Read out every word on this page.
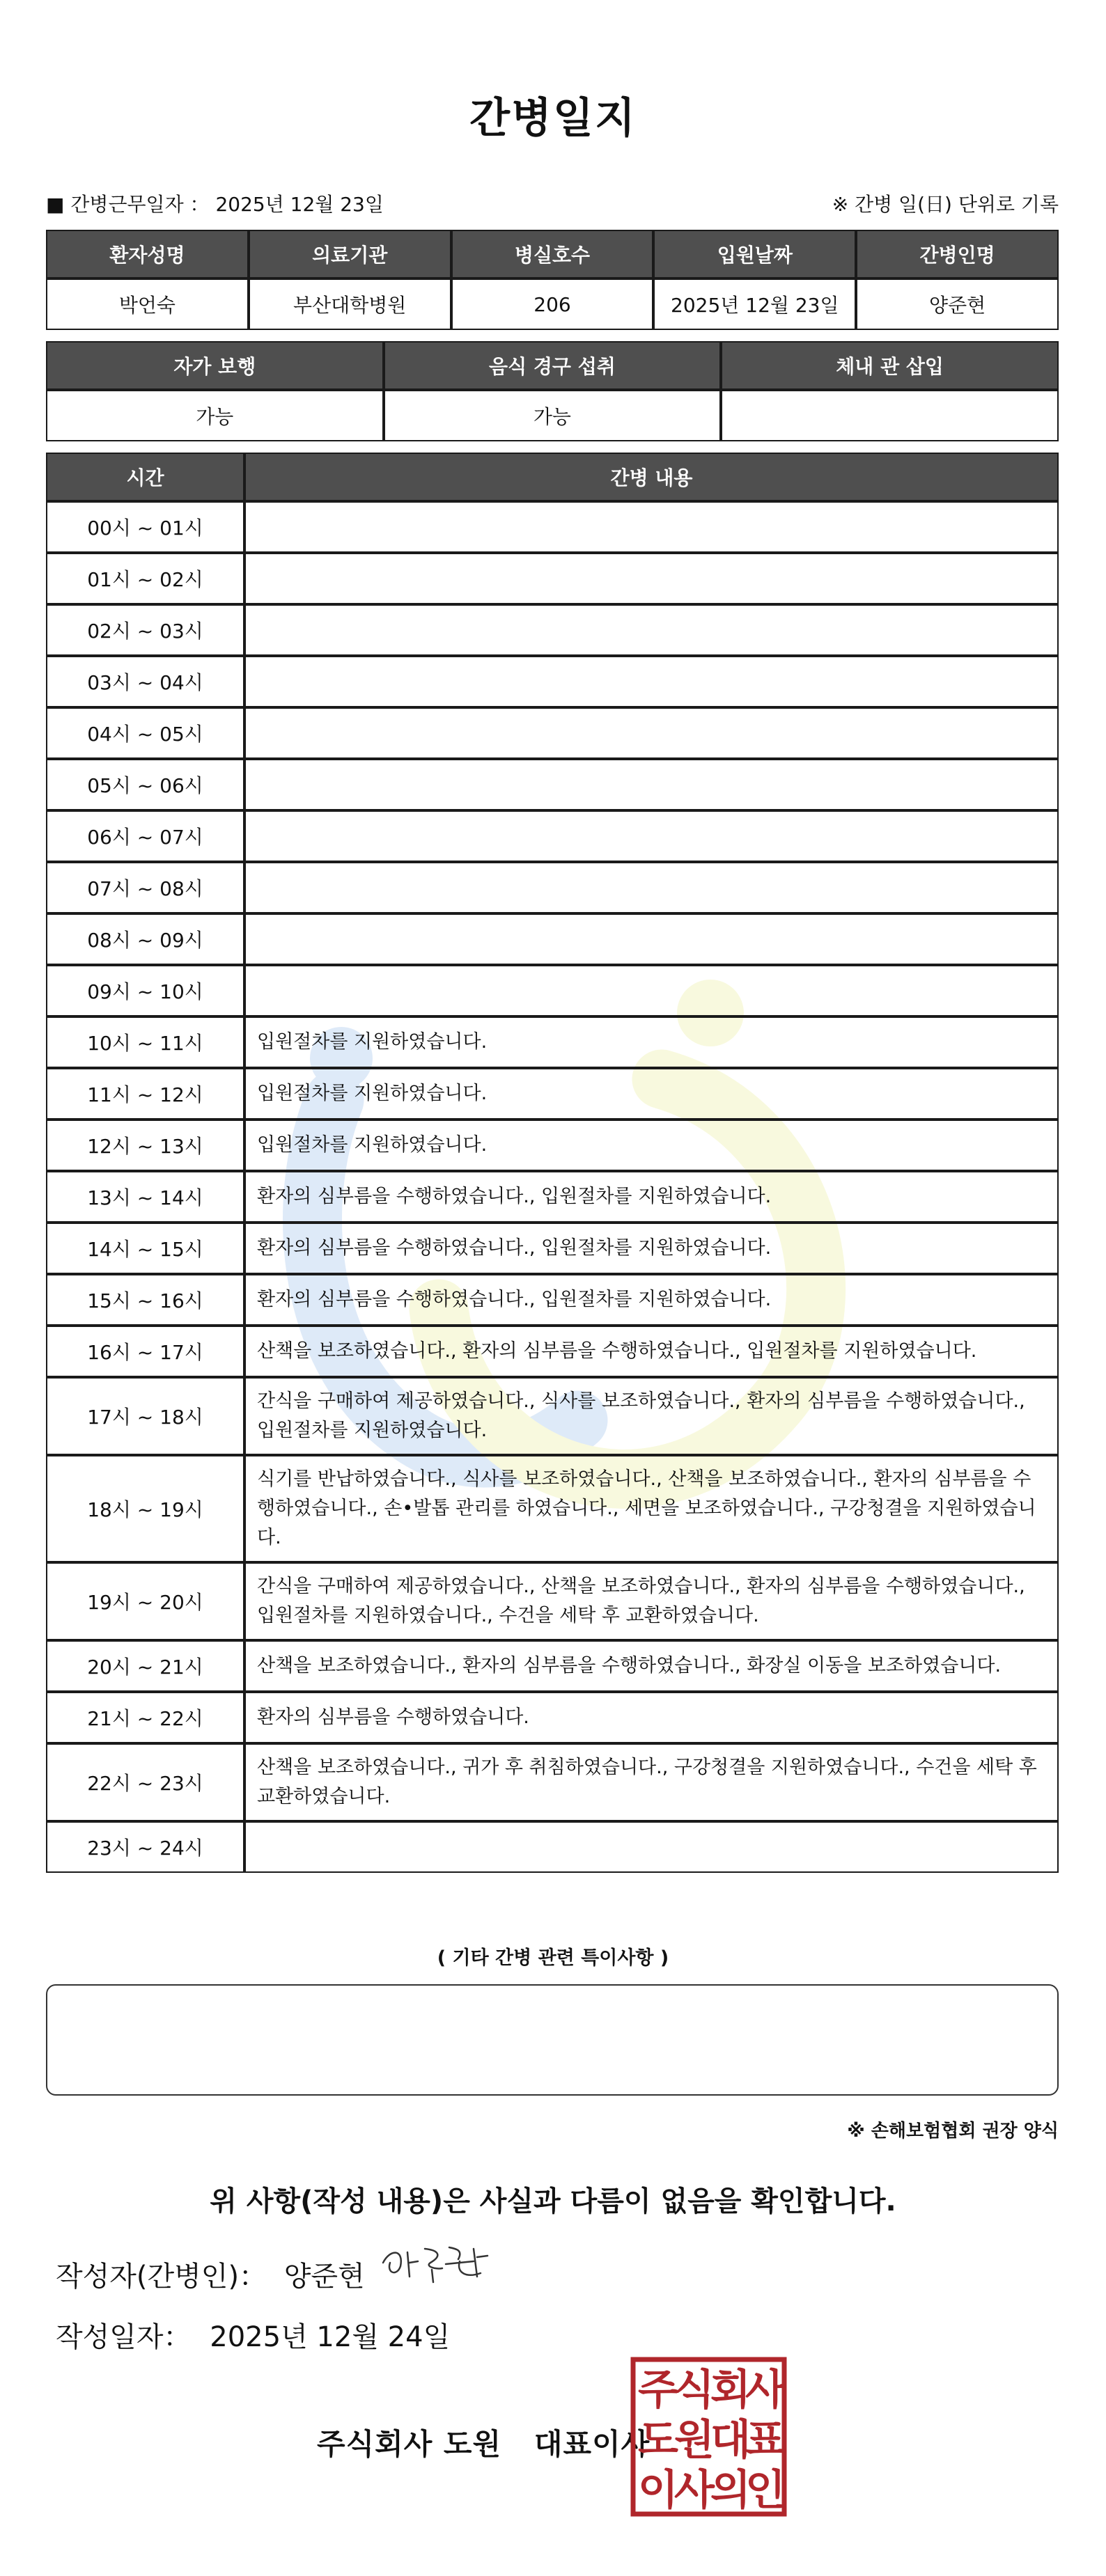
간병일지
■ 간병근무일자 ： 2025년 12월 23일	※ 간병 일(日) 단위로 기록
환자성명	의료기관	병실호수	입원날짜	간병인명
박언숙	부산대학병원	206	2025년 12월 23일	양준현
자가 보행	음식 경구 섭취	체내 관 삽입
가능	가능	
시간	간병 내용
00시 ~ 01시	
01시 ~ 02시	
02시 ~ 03시	
03시 ~ 04시	
04시 ~ 05시	
05시 ~ 06시	
06시 ~ 07시	
07시 ~ 08시	
08시 ~ 09시	
09시 ~ 10시	
10시 ~ 11시	입원절차를 지원하였습니다.
11시 ~ 12시	입원절차를 지원하였습니다.
12시 ~ 13시	입원절차를 지원하였습니다.
13시 ~ 14시	환자의 심부름을 수행하였습니다., 입원절차를 지원하였습니다.
14시 ~ 15시	환자의 심부름을 수행하였습니다., 입원절차를 지원하였습니다.
15시 ~ 16시	환자의 심부름을 수행하였습니다., 입원절차를 지원하였습니다.
16시 ~ 17시	산책을 보조하였습니다., 환자의 심부름을 수행하였습니다., 입원절차를 지원하였습니다.
17시 ~ 18시	간식을 구매하여 제공하였습니다., 식사를 보조하였습니다., 환자의 심부름을 수행하였습니다., 입원절차를 지원하였습니다.
18시 ~ 19시	식기를 반납하였습니다., 식사를 보조하였습니다., 산책을 보조하였습니다., 환자의 심부름을 수행하였습니다., 손•발톱 관리를 하였습니다., 세면을 보조하였습니다., 구강청결을 지원하였습니다.
19시 ~ 20시	간식을 구매하여 제공하였습니다., 산책을 보조하였습니다., 환자의 심부름을 수행하였습니다., 입원절차를 지원하였습니다., 수건을 세탁 후 교환하였습니다.
20시 ~ 21시	산책을 보조하였습니다., 환자의 심부름을 수행하였습니다., 화장실 이동을 보조하였습니다.
21시 ~ 22시	환자의 심부름을 수행하였습니다.
22시 ~ 23시	산책을 보조하였습니다., 귀가 후 취침하였습니다., 구강청결을 지원하였습니다., 수건을 세탁 후 교환하였습니다.
23시 ~ 24시	
( 기타 간병 관련 특이사항 )
※ 손해보험협회 권장 양식
위 사항(작성 내용)은 사실과 다름이 없음을 확인합니다.
작성자(간병인)： 양준현
작성일자： 2025년 12월 24일
주식회사 도원   대표이사
주
식
회
사
도
원
대
표
이
사
의
인
